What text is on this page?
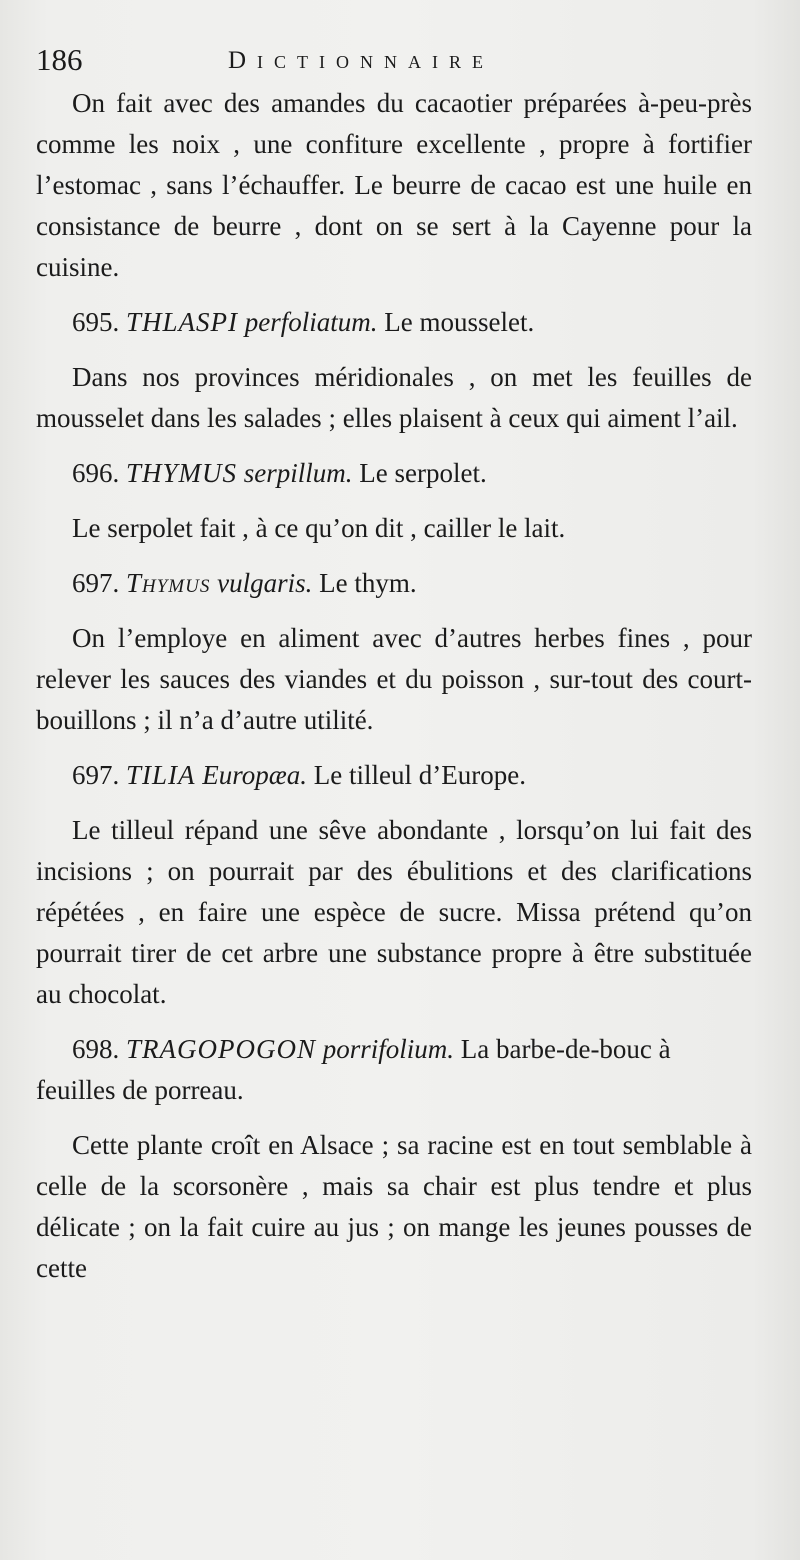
186	Dictionnaire

On fait avec des amandes du cacaotier préparées à-peu-près comme les noix , une confiture excellente , propre à fortifier l’estomac , sans l’échauffer. Le beurre de cacao est une huile en consistance de beurre , dont on se sert à la Cayenne pour la cuisine.

695. THLASPI perfoliatum. Le mousselet.

Dans nos provinces méridionales , on met les feuilles de mousselet dans les salades ; elles plaisent à ceux qui aiment l’ail.

696. THYMUS serpillum. Le serpolet.

Le serpolet fait , à ce qu’on dit , cailler le lait.

697. Thymus vulgaris. Le thym.

On l’employe en aliment avec d’autres herbes fines , pour relever les sauces des viandes et du poisson , sur-tout des court-bouillons ; il n’a d’autre utilité.

697. TILIA Europæa. Le tilleul d’Europe.

Le tilleul répand une sêve abondante , lorsqu’on lui fait des incisions ; on pourrait par des ébulitions et des clarifications répétées , en faire une espèce de sucre. Missa prétend qu’on pourrait tirer de cet arbre une substance propre à être substituée au chocolat.

698. TRAGOPOGON porrifolium. La barbe-de-bouc à feuilles de porreau.

Cette plante croît en Alsace ; sa racine est en tout semblable à celle de la scorsonère , mais sa chair est plus tendre et plus délicate ; on la fait cuire au jus ; on mange les jeunes pousses de cette
